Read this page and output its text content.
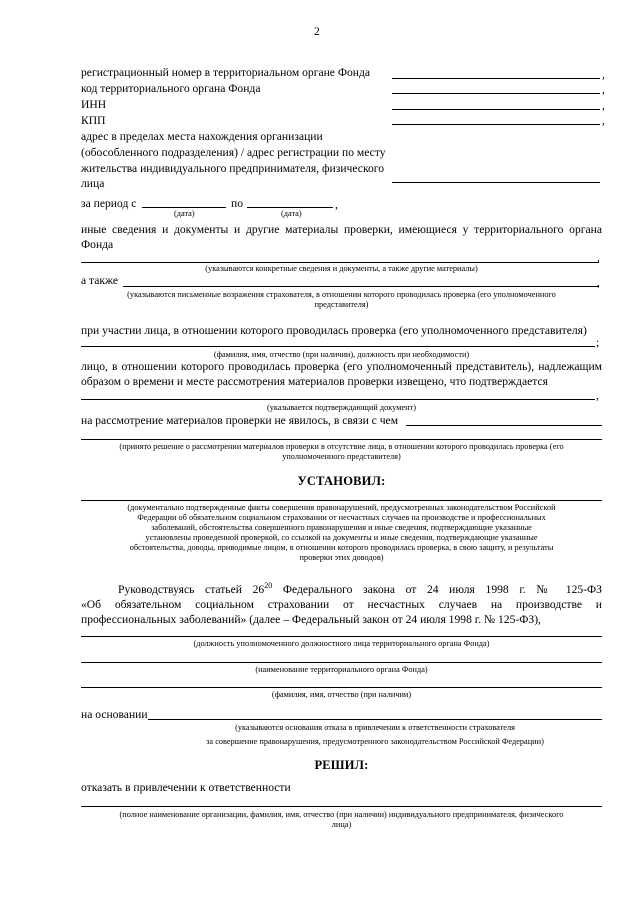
2
регистрационный номер в территориальном органе Фонда	,
код территориального органа Фонда	,
ИНН	,
КПП	,
адрес в пределах места нахождения организации
(обособленного подразделения) / адрес регистрации по месту
жительства индивидуального предпринимателя, физического
лица
за период с	по	,
(дата)	(дата)
иные сведения и документы и другие материалы проверки, имеющиеся у территориального органа
Фонда
,
(указываются конкретные сведения и документы, а также другие материалы)
а также	,
(указываются письменные возражения страхователя, в отношении которого проводилась проверка (его уполномоченного
представителя)
при участии лица, в отношении которого проводилась проверка (его уполномоченного представителя)
;
(фамилия, имя, отчество (при наличии), должность при необходимости)
лицо, в отношении которого проводилась проверка (его уполномоченный представитель), надлежащим
образом о времени и месте рассмотрения материалов проверки извещено, что подтверждается
,
(указывается подтверждающий документ)
на рассмотрение материалов проверки не явилось, в связи с чем
(принято решение о рассмотрении материалов проверки в отсутствие лица, в отношении которого проводилась проверка (его
уполномоченного представителя)
УСТАНОВИЛ:
(документально подтвержденные факты совершения правонарушений, предусмотренных законодательством Российской
Федерации об обязательном социальном страховании от несчастных случаев на производстве и профессиональных
заболеваний, обстоятельства совершенного правонарушения и иные сведения, подтверждающие указанные
установлены проведенной проверкой, со ссылкой на документы и иные сведения, подтверждающие указанные
обстоятельства, доводы, приводимые лицом, в отношении которого проводилась проверка, в свою защиту, и результаты
проверки этих доводов)
Руководствуясь статьей $26^{20}$ Федерального закона от 24 июля 1998 г. № 125-ФЗ
«Об обязательном социальном страховании от несчастных случаев на производстве и
профессиональных заболеваний» (далее – Федеральный закон от 24 июля 1998 г. № 125-ФЗ),
(должность уполномоченного должностного лица территориального органа Фонда)
(наименование территориального органа Фонда)
(фамилия, имя, отчество (при наличии)
на основании
(указываются основания отказа в привлечении к ответственности страхователя
за совершение правонарушения, предусмотренного законодательством Российской Федерации)
РЕШИЛ:
отказать в привлечении к ответственности
(полное наименование организации, фамилия, имя, отчество (при наличии) индивидуального предпринимателя, физического
лица)
